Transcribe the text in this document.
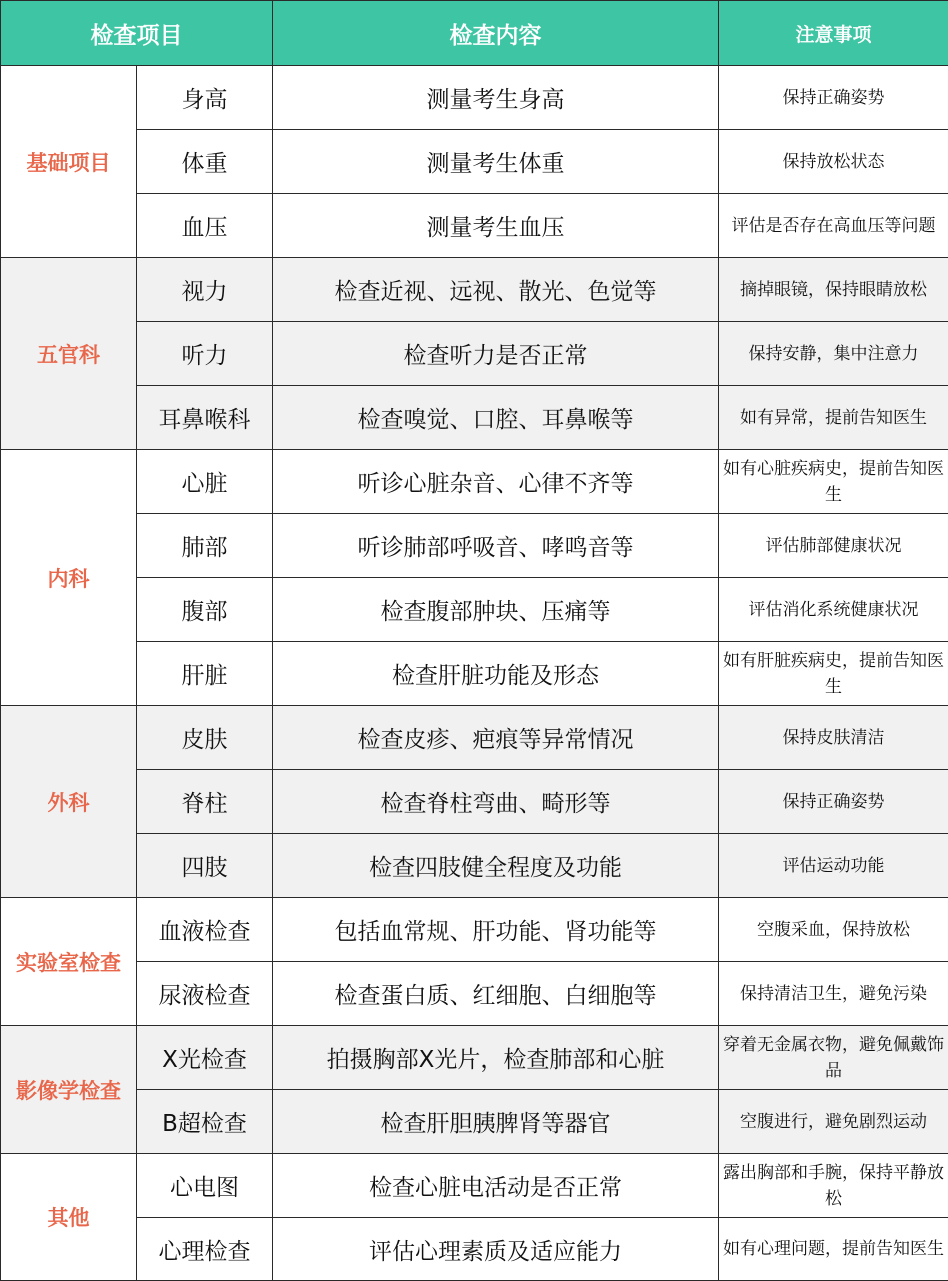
检查项目		检查内容	注意事项
基础项目	身高	测量考生身高	保持正确姿势
	体重	测量考生体重	保持放松状态
	血压	测量考生血压	评估是否存在高血压等问题
五官科	视力	检查近视、远视、散光、色觉等	摘掉眼镜，保持眼睛放松
	听力	检查听力是否正常	保持安静，集中注意力
	耳鼻喉科	检查嗅觉、口腔、耳鼻喉等	如有异常，提前告知医生
内科	心脏	听诊心脏杂音、心律不齐等	如有心脏疾病史，提前告知医生
	肺部	听诊肺部呼吸音、哮鸣音等	评估肺部健康状况
	腹部	检查腹部肿块、压痛等	评估消化系统健康状况
	肝脏	检查肝脏功能及形态	如有肝脏疾病史，提前告知医生
外科	皮肤	检查皮疹、疤痕等异常情况	保持皮肤清洁
	脊柱	检查脊柱弯曲、畸形等	保持正确姿势
	四肢	检查四肢健全程度及功能	评估运动功能
实验室检查	血液检查	包括血常规、肝功能、肾功能等	空腹采血，保持放松
	尿液检查	检查蛋白质、红细胞、白细胞等	保持清洁卫生，避免污染
影像学检查	X光检查	拍摄胸部X光片，检查肺部和心脏	穿着无金属衣物，避免佩戴饰品
	B超检查	检查肝胆胰脾肾等器官	空腹进行，避免剧烈运动
其他	心电图	检查心脏电活动是否正常	露出胸部和手腕，保持平静放松
	心理检查	评估心理素质及适应能力	如有心理问题，提前告知医生
